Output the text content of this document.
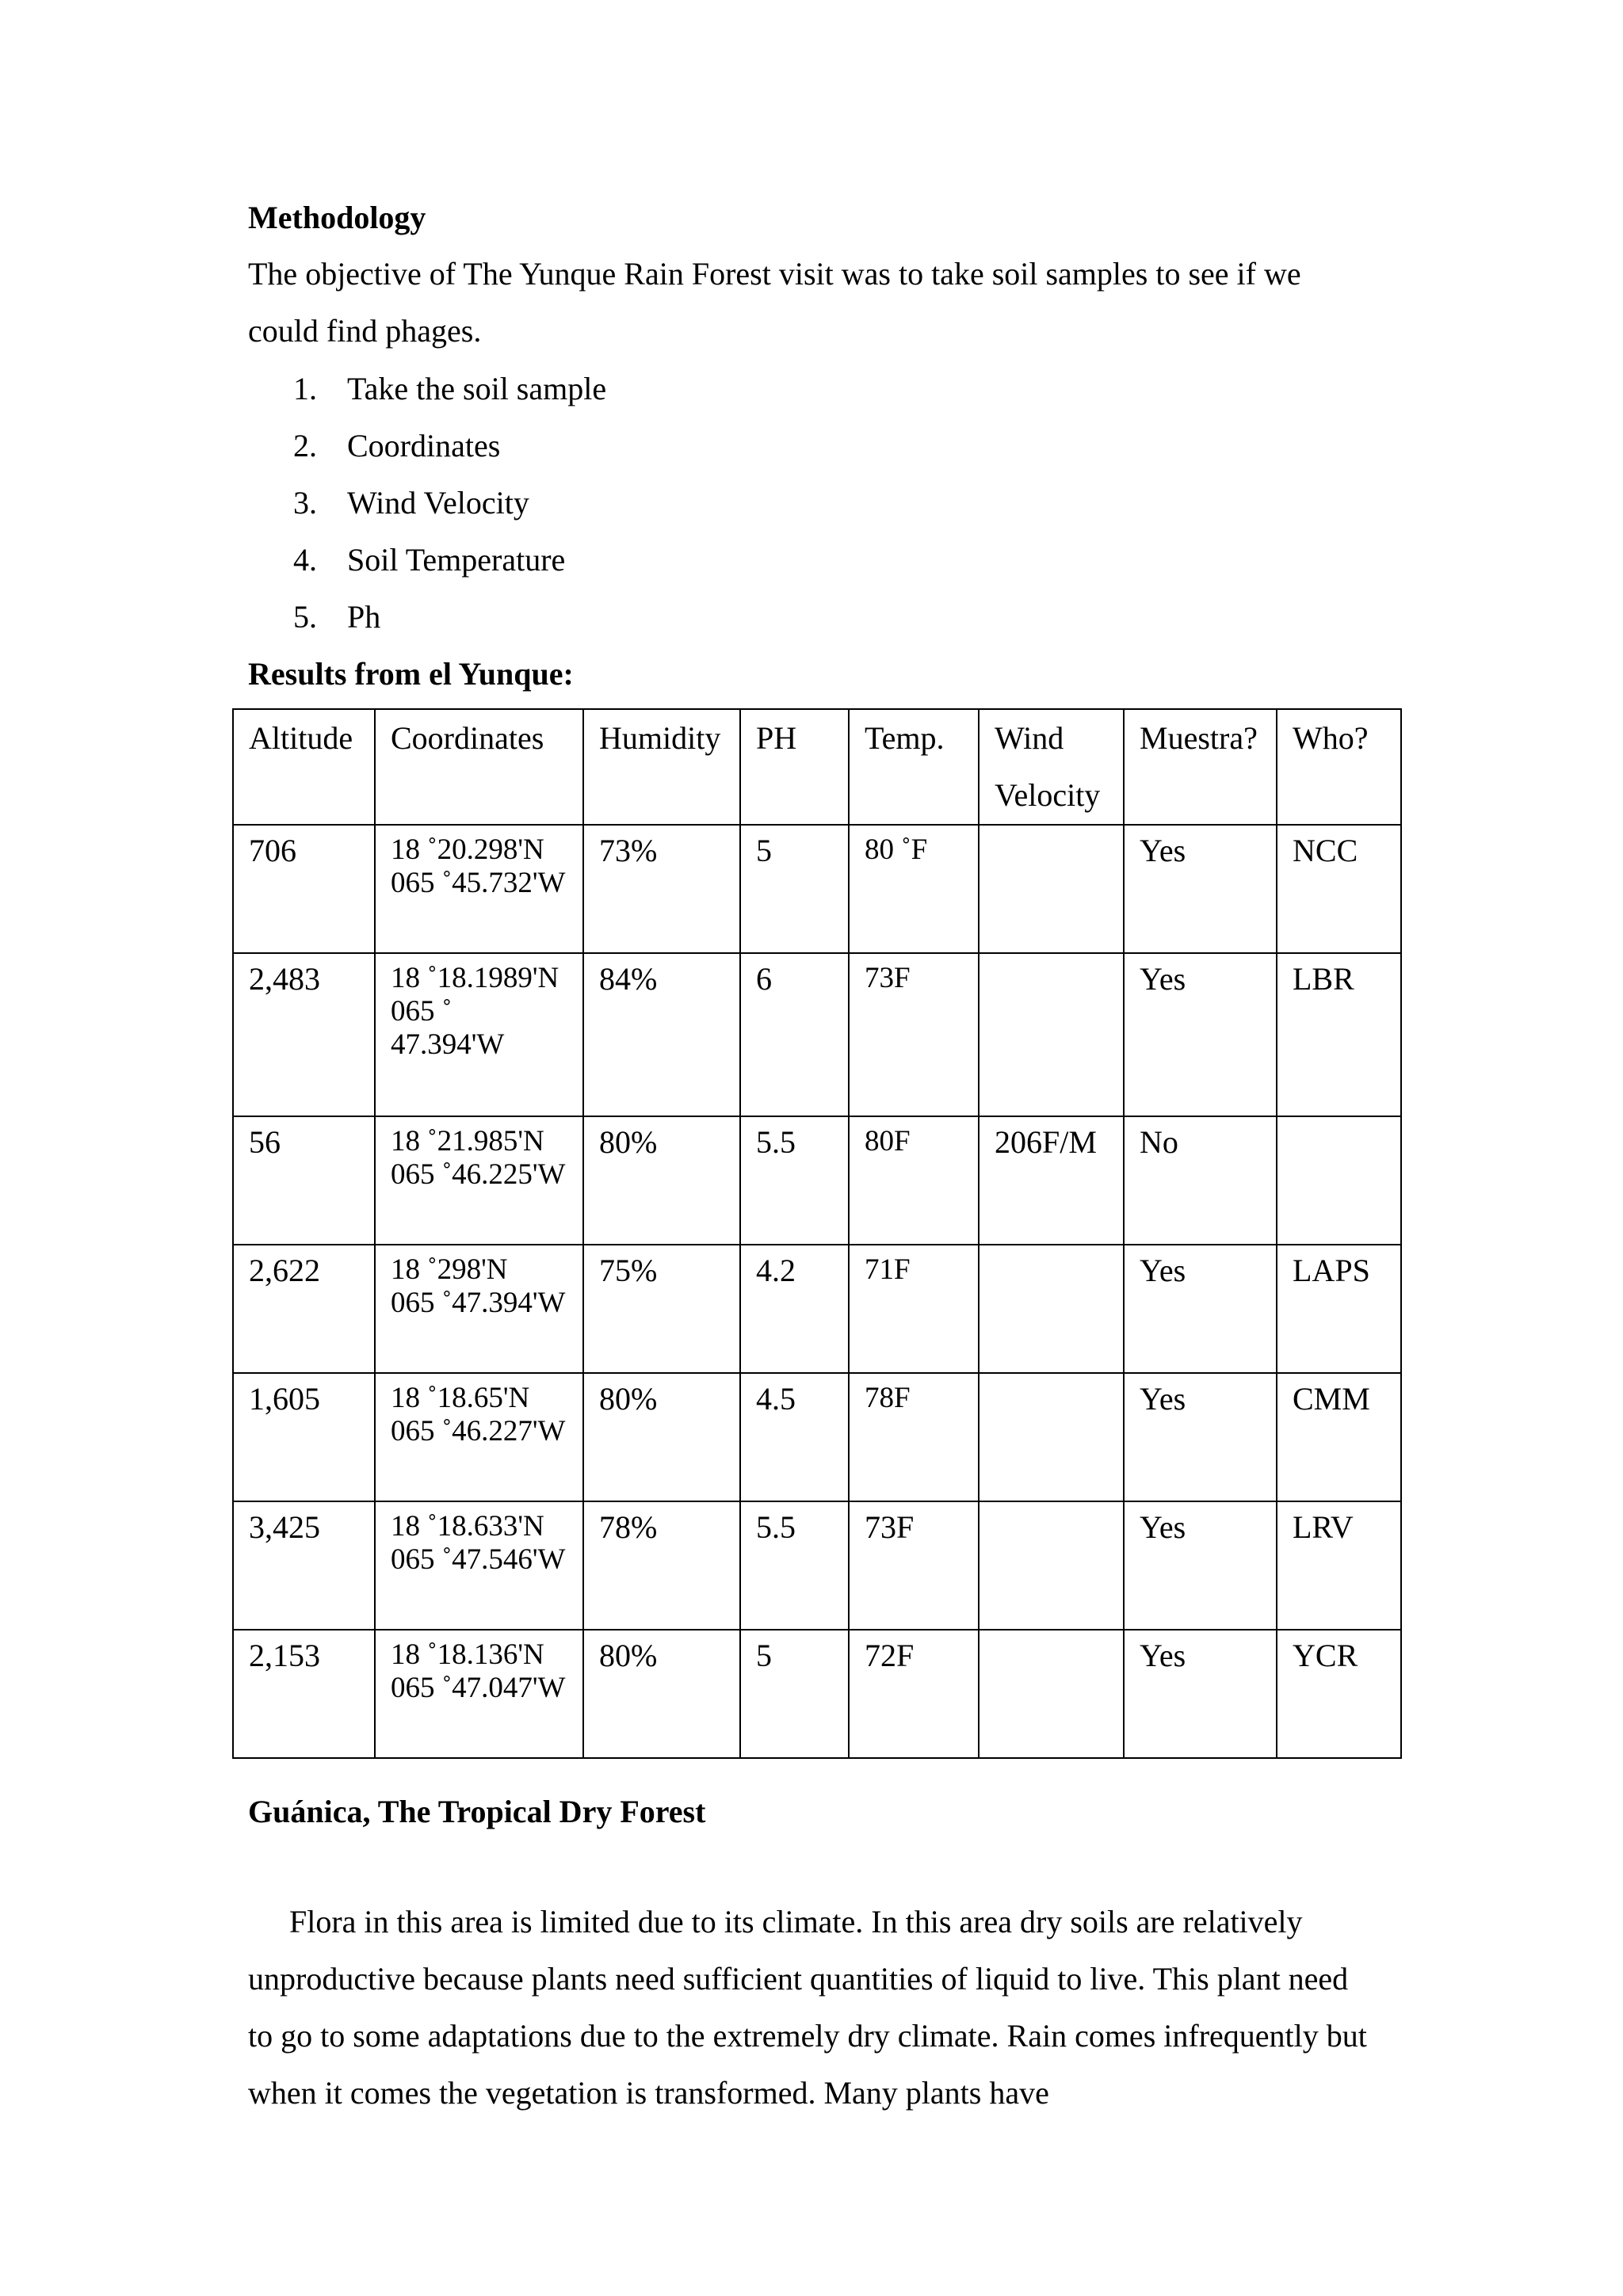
Methodology

The objective of The Yunque Rain Forest visit was to take soil samples to see if we could find phages.

1. Take the soil sample
2. Coordinates
3. Wind Velocity
4. Soil Temperature
5. Ph
Results from el Yunque:
Altitude	Coordinates	Humidity	PH	Temp.	Wind Velocity	Muestra?	Who?
706	18 ˚20.298'N
065 ˚45.732'W	73%	5	80 ˚F		Yes	NCC
2,483	18 ˚18.1989'N
065 ˚ 47.394'W	84%	6	73F		Yes	LBR
56	18 ˚21.985'N
065 ˚46.225'W	80%	5.5	80F	206F/M	No	
2,622	18 ˚298'N
065 ˚47.394'W	75%	4.2	71F		Yes	LAPS
1,605	18 ˚18.65'N
065 ˚46.227'W	80%	4.5	78F		Yes	CMM
3,425	18 ˚18.633'N
065 ˚47.546'W	78%	5.5	73F		Yes	LRV
2,153	18 ˚18.136'N
065 ˚47.047'W	80%	5	72F		Yes	YCR
Guánica, The Tropical Dry Forest

Flora in this area is limited due to its climate. In this area dry soils are relatively unproductive because plants need sufficient quantities of liquid to live. This plant need to go to some adaptations due to the extremely dry climate. Rain comes infrequently but when it comes the vegetation is transformed. Many plants have
